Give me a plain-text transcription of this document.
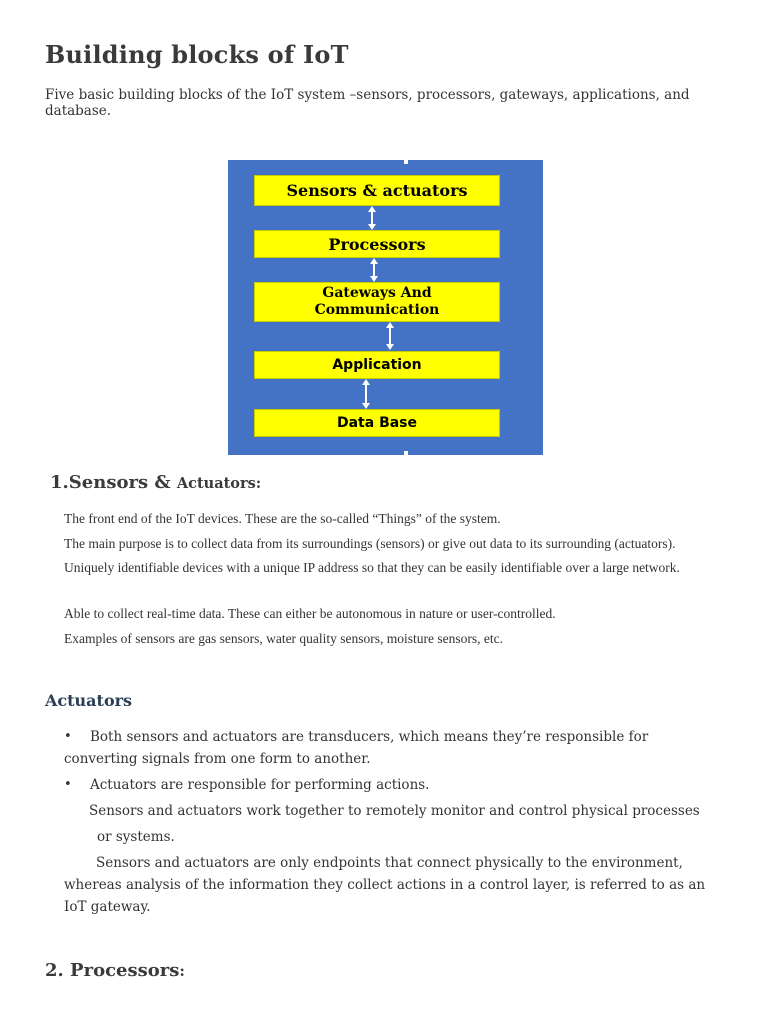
Building blocks of IoT
Five basic building blocks of the IoT system –sensors, processors, gateways, applications, and database.
Sensors & actuators
Processors
Gateways And
Communication
Application
Data Base
1.Sensors & Actuators:
The front end of the IoT devices. These are the so-called “Things” of the system.
The main purpose is to collect data from its surroundings (sensors) or give out data to its surrounding (actuators).
Uniquely identifiable devices with a unique IP address so that they can be easily identifiable over a large network.
Able to collect real-time data. These can either be autonomous in nature or user-controlled.
Examples of sensors are gas sensors, water quality sensors, moisture sensors, etc.
Actuators
•	Both sensors and actuators are transducers, which means they’re responsible for converting signals from one form to another.
• Actuators are responsible for performing actions.
Sensors and actuators work together to remotely monitor and control physical processes
or systems.
Sensors and actuators are only endpoints that connect physically to the environment, whereas analysis of the information they collect actions in a control layer, is referred to as an IoT gateway.
2. Processors:
